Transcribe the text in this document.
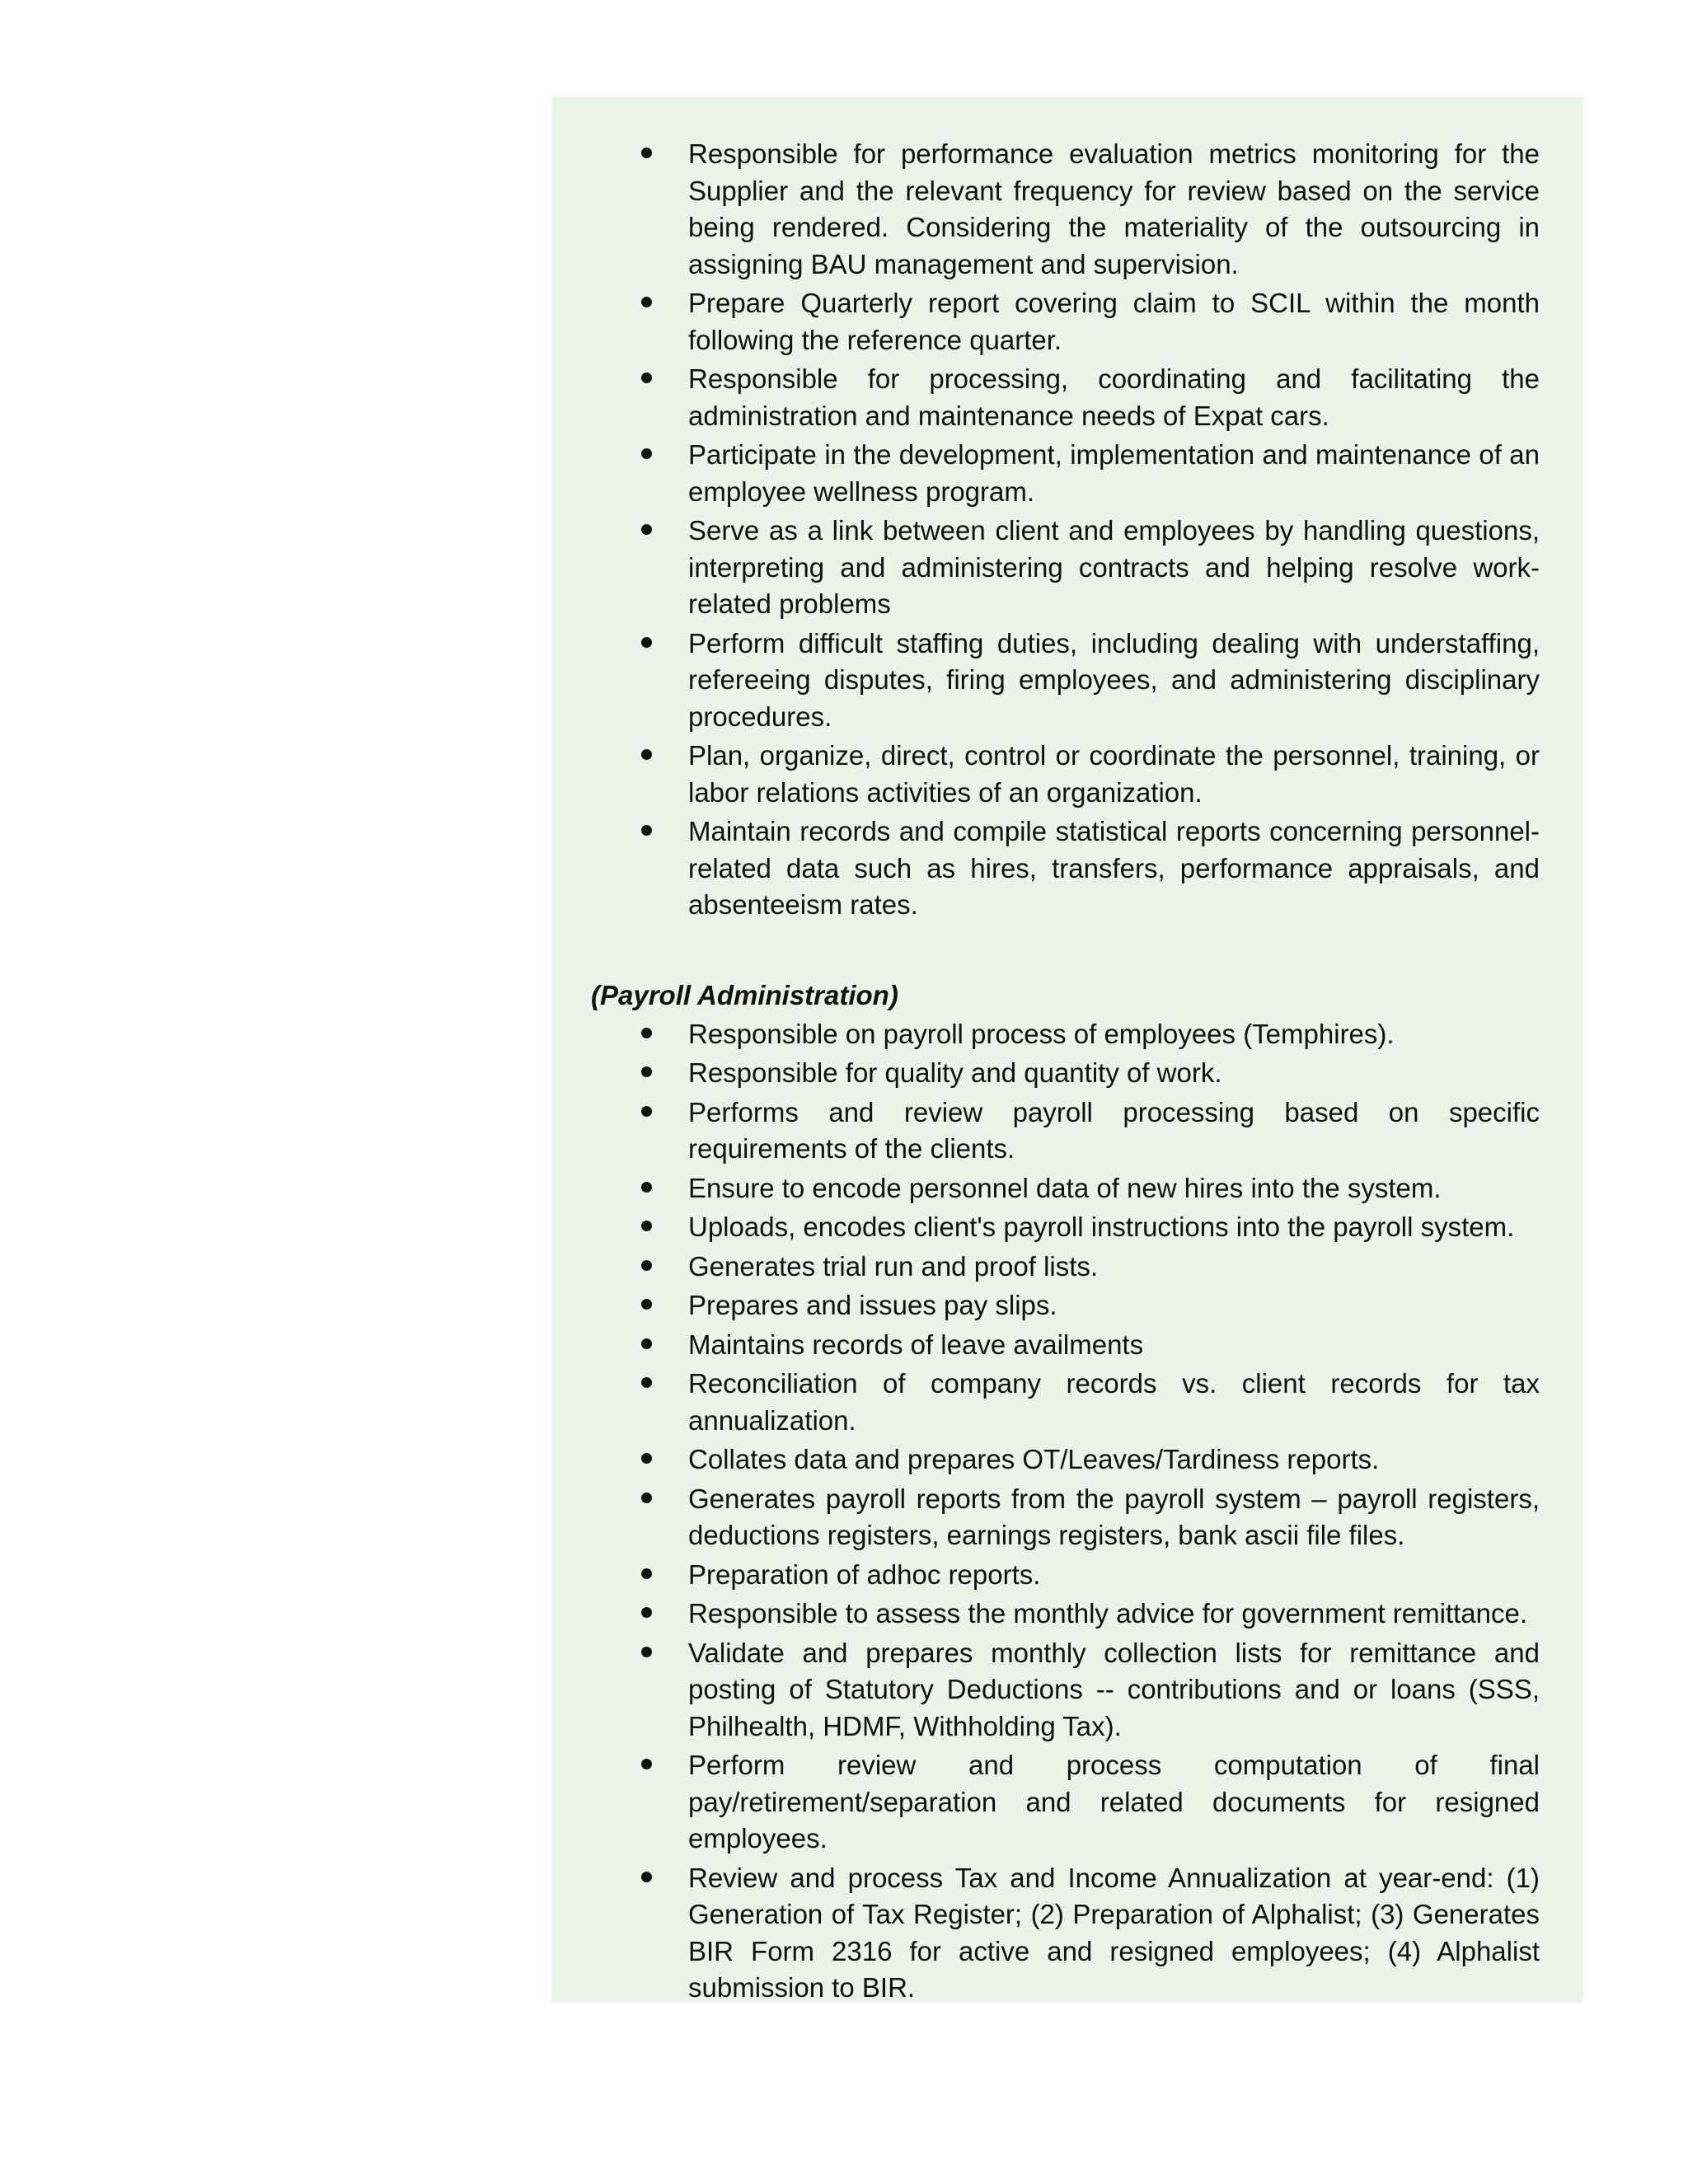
Responsible for performance evaluation metrics monitoring for the Supplier and the relevant frequency for review based on the service being rendered. Considering the materiality of the outsourcing in assigning BAU management and supervision.
Prepare Quarterly report covering claim to SCIL within the month following the reference quarter.
Responsible for processing, coordinating and facilitating the administration and maintenance needs of Expat cars.
Participate in the development, implementation and maintenance of an employee wellness program.
Serve as a link between client and employees by handling questions, interpreting and administering contracts and helping resolve work-related problems
Perform difficult staffing duties, including dealing with understaffing, refereeing disputes, firing employees, and administering disciplinary procedures.
Plan, organize, direct, control or coordinate the personnel, training, or labor relations activities of an organization.
Maintain records and compile statistical reports concerning personnel-related data such as hires, transfers, performance appraisals, and absenteeism rates.
(Payroll Administration)
Responsible on payroll process of employees (Temphires).
Responsible for quality and quantity of work.
Performs and review payroll processing based on specific requirements of the clients.
Ensure to encode personnel data of new hires into the system.
Uploads, encodes client's payroll instructions into the payroll system.
Generates trial run and proof lists.
Prepares and issues pay slips.
Maintains records of leave availments
Reconciliation of company records vs. client records for tax annualization.
Collates data and prepares OT/Leaves/Tardiness reports.
Generates payroll reports from the payroll system – payroll registers, deductions registers, earnings registers, bank ascii file files.
Preparation of adhoc reports.
Responsible to assess the monthly advice for government remittance.
Validate and prepares monthly collection lists for remittance and posting of Statutory Deductions -- contributions and or loans (SSS, Philhealth, HDMF, Withholding Tax).
Perform review and process computation of final pay/retirement/separation and related documents for resigned employees.
Review and process Tax and Income Annualization at year-end: (1) Generation of Tax Register; (2) Preparation of Alphalist; (3) Generates BIR Form 2316 for active and resigned employees; (4) Alphalist submission to BIR.
